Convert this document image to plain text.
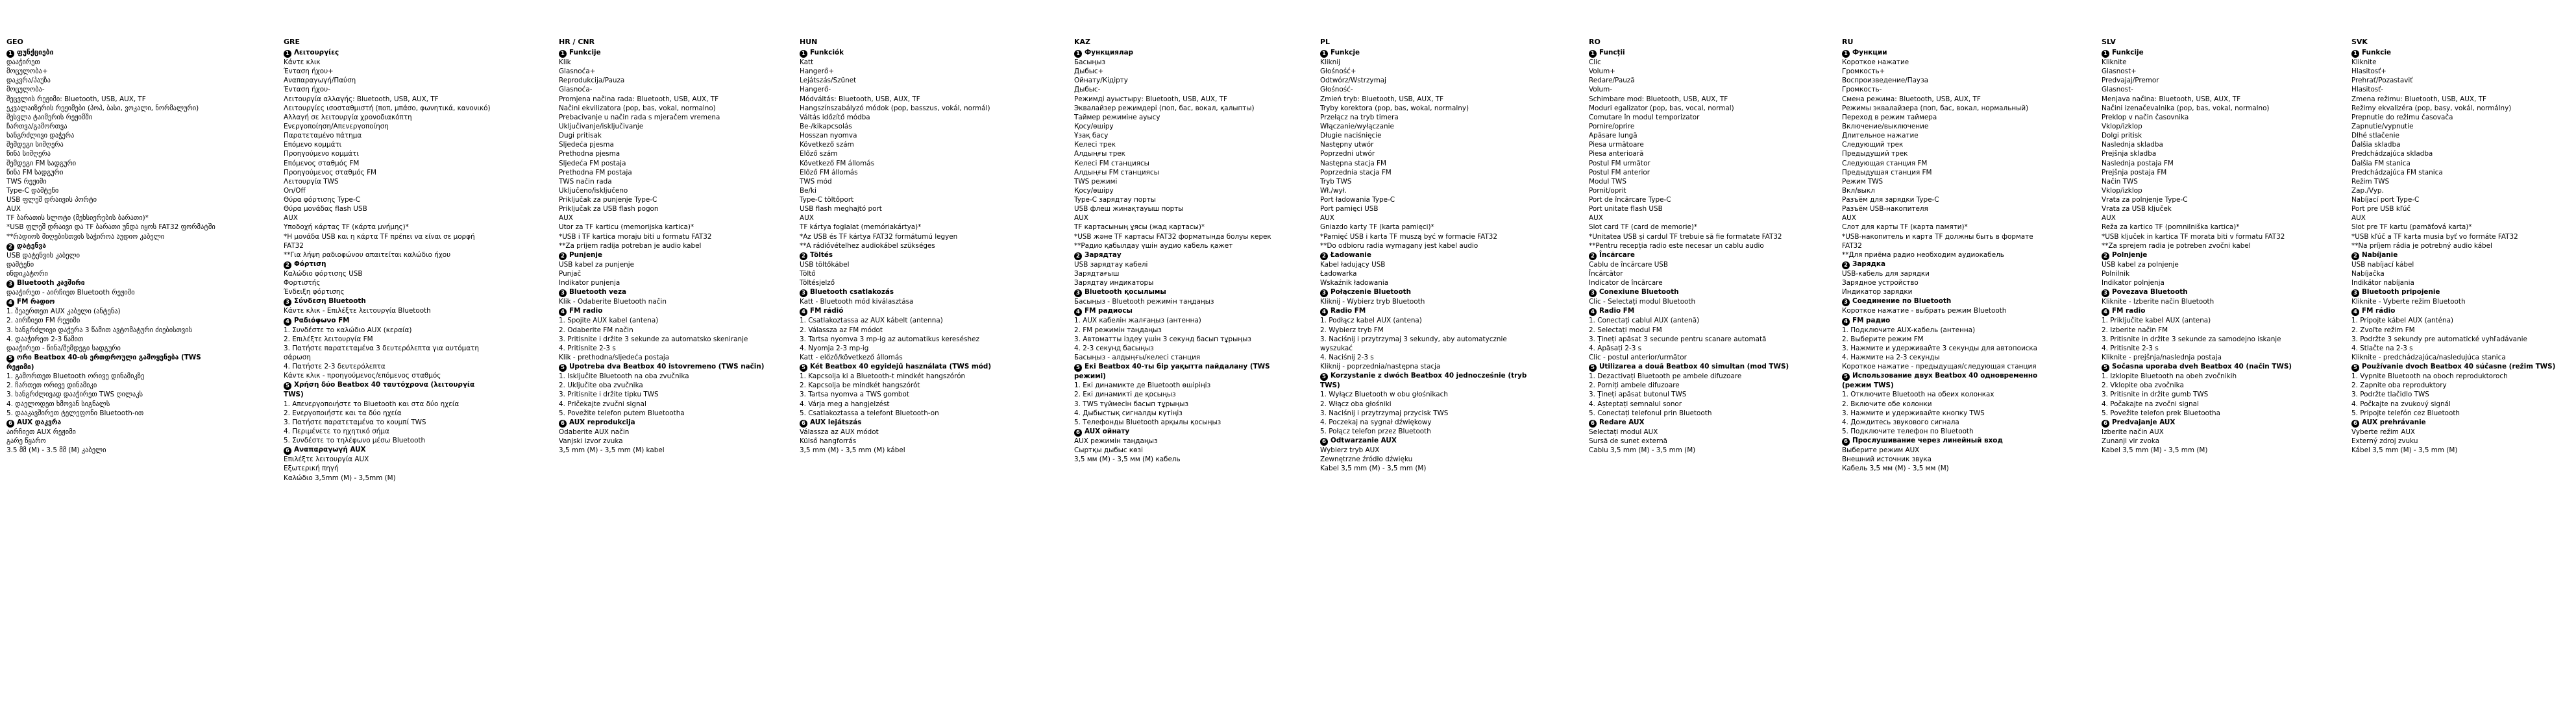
GEO
1 ფუნქციები
დააჭირეთ
მოცულობა+
დაკვრა/პაუზა
მოცულობა-
შეცვლის რეჟიმი: Bluetooth, USB, AUX, TF
ეკვალაიზერის რეჟიმები (პოპ, ბასი, ვოკალი, ნორმალური)
შესვლა ტაიმერის რეჟიმში
ჩართვა/გამორთვა
ხანგრძლივი დაჭერა
შემდეგი სიმღერა
წინა სიმღერა
შემდეგი FM სადგური
წინა FM სადგური
TWS რეჟიმი
Type-C დამტენი
USB ფლეშ დრაივის პორტი
AUX
TF ბარათის სლოტი (მეხსიერების ბარათი)*
*USB ფლეშ დრაივი და TF ბარათი უნდა იყოს FAT32 ფორმატში
**რადიოს მიღებისთვის საჭიროა აუდიო კაბელი
2 დატენვა
USB დატენვის კაბელი
დამტენი
ინდიკატორი
3 Bluetooth კავშირი
დააჭირეთ - აირჩიეთ Bluetooth რეჟიმი
4 FM რადიო
1. შეაერთეთ AUX კაბელი (ანტენა)
2. აირჩიეთ FM რეჟიმი
3. ხანგრძლივი დაჭერა 3 წამით ავტომატური ძიებისთვის
4. დააჭირეთ 2-3 წამით
დააჭირეთ - წინა/შემდეგი სადგური
5 ორი Beatbox 40-ის ერთდროული გამოყენება (TWS რეჟიმი)
1. გამორთეთ Bluetooth ორივე დინამიკზე
2. ჩართეთ ორივე დინამიკი
3. ხანგრძლივად დააჭირეთ TWS ღილაკს
4. დაელოდეთ ხმოვან სიგნალს
5. დააკავშირეთ ტელეფონი Bluetooth-ით
6 AUX დაკვრა
აირჩიეთ AUX რეჟიმი
გარე წყარო
3.5 მმ (M) - 3.5 მმ (M) კაბელი
GRE
1 Λειτουργίες
Κάντε κλικ
Ένταση ήχου+
Αναπαραγωγή/Παύση
Ένταση ήχου-
Λειτουργία αλλαγής: Bluetooth, USB, AUX, TF
Λειτουργίες ισοσταθμιστή (ποπ, μπάσο, φωνητικά, κανονικό)
Αλλαγή σε λειτουργία χρονοδιακόπτη
Ενεργοποίηση/Απενεργοποίηση
Παρατεταμένο πάτημα
Επόμενο κομμάτι
Προηγούμενο κομμάτι
Επόμενος σταθμός FM
Προηγούμενος σταθμός FM
Λειτουργία TWS
On/Off
Θύρα φόρτισης Type-C
Θύρα μονάδας flash USB
AUX
Υποδοχή κάρτας TF (κάρτα μνήμης)*
*Η μονάδα USB και η κάρτα TF πρέπει να είναι σε μορφή FAT32
**Για λήψη ραδιοφώνου απαιτείται καλώδιο ήχου
2 Φόρτιση
Καλώδιο φόρτισης USB
Φορτιστής
Ένδειξη φόρτισης
3 Σύνδεση Bluetooth
Κάντε κλικ - Επιλέξτε λειτουργία Bluetooth
4 Ραδιόφωνο FM
1. Συνδέστε το καλώδιο AUX (κεραία)
2. Επιλέξτε λειτουργία FM
3. Πατήστε παρατεταμένα 3 δευτερόλεπτα για αυτόματη σάρωση
4. Πατήστε 2-3 δευτερόλεπτα
Κάντε κλικ - προηγούμενος/επόμενος σταθμός
5 Χρήση δύο Beatbox 40 ταυτόχρονα (λειτουργία TWS)
1. Απενεργοποιήστε το Bluetooth και στα δύο ηχεία
2. Ενεργοποιήστε και τα δύο ηχεία
3. Πατήστε παρατεταμένα το κουμπί TWS
4. Περιμένετε το ηχητικό σήμα
5. Συνδέστε το τηλέφωνο μέσω Bluetooth
6 Αναπαραγωγή AUX
Επιλέξτε λειτουργία AUX
Εξωτερική πηγή
Καλώδιο 3,5mm (M) - 3,5mm (M)
HR / CNR
1 Funkcije
Klik
Glasnoća+
Reprodukcija/Pauza
Glasnoća-
Promjena načina rada: Bluetooth, USB, AUX, TF
Načini ekvilizatora (pop, bas, vokal, normalno)
Prebacivanje u način rada s mjeračem vremena
Uključivanje/isključivanje
Dugi pritisak
Sljedeća pjesma
Prethodna pjesma
Sljedeća FM postaja
Prethodna FM postaja
TWS način rada
Uključeno/isključeno
Priključak za punjenje Type-C
Priključak za USB flash pogon
AUX
Utor za TF karticu (memorijska kartica)*
*USB i TF kartica moraju biti u formatu FAT32
**Za prijem radija potreban je audio kabel
2 Punjenje
USB kabel za punjenje
Punjač
Indikator punjenja
3 Bluetooth veza
Klik - Odaberite Bluetooth način
4 FM radio
1. Spojite AUX kabel (antena)
2. Odaberite FM način
3. Pritisnite i držite 3 sekunde za automatsko skeniranje
4. Pritisnite 2-3 s
Klik - prethodna/sljedeća postaja
5 Upotreba dva Beatbox 40 istovremeno (TWS način)
1. Isključite Bluetooth na oba zvučnika
2. Uključite oba zvučnika
3. Pritisnite i držite tipku TWS
4. Pričekajte zvučni signal
5. Povežite telefon putem Bluetootha
6 AUX reprodukcija
Odaberite AUX način
Vanjski izvor zvuka
3,5 mm (M) - 3,5 mm (M) kabel
HUN
1 Funkciók
Katt
Hangerő+
Lejátszás/Szünet
Hangerő-
Módváltás: Bluetooth, USB, AUX, TF
Hangszínszabályzó módok (pop, basszus, vokál, normál)
Váltás időzítő módba
Be-/kikapcsolás
Hosszan nyomva
Következő szám
Előző szám
Következő FM állomás
Előző FM állomás
TWS mód
Be/ki
Type-C töltőport
USB flash meghajtó port
AUX
TF kártya foglalat (memóriakártya)*
*Az USB és TF kártya FAT32 formátumú legyen
**A rádióvételhez audiokábel szükséges
2 Töltés
USB töltőkábel
Töltő
Töltésjelző
3 Bluetooth csatlakozás
Katt - Bluetooth mód kiválasztása
4 FM rádió
1. Csatlakoztassa az AUX kábelt (antenna)
2. Válassza az FM módot
3. Tartsa nyomva 3 mp-ig az automatikus kereséshez
4. Nyomja 2-3 mp-ig
Katt - előző/következő állomás
5 Két Beatbox 40 egyidejű használata (TWS mód)
1. Kapcsolja ki a Bluetooth-t mindkét hangszórón
2. Kapcsolja be mindkét hangszórót
3. Tartsa nyomva a TWS gombot
4. Várja meg a hangjelzést
5. Csatlakoztassa a telefont Bluetooth-on
6 AUX lejátszás
Válassza az AUX módot
Külső hangforrás
3,5 mm (M) - 3,5 mm (M) kábel
KAZ
1 Функциялар
Басыңыз
Дыбыс+
Ойнату/Кідірту
Дыбыс-
Режимді ауыстыру: Bluetooth, USB, AUX, TF
Эквалайзер режимдері (поп, бас, вокал, қалыпты)
Таймер режиміне ауысу
Қосу/өшіру
Ұзақ басу
Келесі трек
Алдыңғы трек
Келесі FM станциясы
Алдыңғы FM станциясы
TWS режимі
Қосу/өшіру
Type-C зарядтау порты
USB флеш жинақтауыш порты
AUX
TF картасының ұясы (жад картасы)*
*USB және TF картасы FAT32 форматында болуы керек
**Радио қабылдау үшін аудио кабель қажет
2 Зарядтау
USB зарядтау кабелі
Зарядтағыш
Зарядтау индикаторы
3 Bluetooth қосылымы
Басыңыз - Bluetooth режимін таңдаңыз
4 FM радиосы
1. AUX кабелін жалғаңыз (антенна)
2. FM режимін таңдаңыз
3. Автоматты іздеу үшін 3 секунд басып тұрыңыз
4. 2-3 секунд басыңыз
Басыңыз - алдыңғы/келесі станция
5 Екі Beatbox 40-ты бір уақытта пайдалану (TWS режимі)
1. Екі динамикте де Bluetooth өшіріңіз
2. Екі динамикті де қосыңыз
3. TWS түймесін басып тұрыңыз
4. Дыбыстық сигналды күтіңіз
5. Телефонды Bluetooth арқылы қосыңыз
6 AUX ойнату
AUX режимін таңдаңыз
Сыртқы дыбыс көзі
3,5 мм (M) - 3,5 мм (M) кабель
PL
1 Funkcje
Kliknij
Głośność+
Odtwórz/Wstrzymaj
Głośność-
Zmień tryb: Bluetooth, USB, AUX, TF
Tryby korektora (pop, bas, wokal, normalny)
Przełącz na tryb timera
Włączanie/wyłączanie
Długie naciśnięcie
Następny utwór
Poprzedni utwór
Następna stacja FM
Poprzednia stacja FM
Tryb TWS
Wł./wył.
Port ładowania Type-C
Port pamięci USB
AUX
Gniazdo karty TF (karta pamięci)*
*Pamięć USB i karta TF muszą być w formacie FAT32
**Do odbioru radia wymagany jest kabel audio
2 Ładowanie
Kabel ładujący USB
Ładowarka
Wskaźnik ładowania
3 Połączenie Bluetooth
Kliknij - Wybierz tryb Bluetooth
4 Radio FM
1. Podłącz kabel AUX (antena)
2. Wybierz tryb FM
3. Naciśnij i przytrzymaj 3 sekundy, aby automatycznie wyszukać
4. Naciśnij 2-3 s
Kliknij - poprzednia/następna stacja
5 Korzystanie z dwóch Beatbox 40 jednocześnie (tryb TWS)
1. Wyłącz Bluetooth w obu głośnikach
2. Włącz oba głośniki
3. Naciśnij i przytrzymaj przycisk TWS
4. Poczekaj na sygnał dźwiękowy
5. Połącz telefon przez Bluetooth
6 Odtwarzanie AUX
Wybierz tryb AUX
Zewnętrzne źródło dźwięku
Kabel 3,5 mm (M) - 3,5 mm (M)
RO
1 Funcții
Clic
Volum+
Redare/Pauză
Volum-
Schimbare mod: Bluetooth, USB, AUX, TF
Moduri egalizator (pop, bas, vocal, normal)
Comutare în modul temporizator
Pornire/oprire
Apăsare lungă
Piesa următoare
Piesa anterioară
Postul FM următor
Postul FM anterior
Modul TWS
Pornit/oprit
Port de încărcare Type-C
Port unitate flash USB
AUX
Slot card TF (card de memorie)*
*Unitatea USB și cardul TF trebuie să fie formatate FAT32
**Pentru recepția radio este necesar un cablu audio
2 Încărcare
Cablu de încărcare USB
Încărcător
Indicator de încărcare
3 Conexiune Bluetooth
Clic - Selectați modul Bluetooth
4 Radio FM
1. Conectați cablul AUX (antenă)
2. Selectați modul FM
3. Țineți apăsat 3 secunde pentru scanare automată
4. Apăsați 2-3 s
Clic - postul anterior/următor
5 Utilizarea a două Beatbox 40 simultan (mod TWS)
1. Dezactivați Bluetooth pe ambele difuzoare
2. Porniți ambele difuzoare
3. Țineți apăsat butonul TWS
4. Așteptați semnalul sonor
5. Conectați telefonul prin Bluetooth
6 Redare AUX
Selectați modul AUX
Sursă de sunet externă
Cablu 3,5 mm (M) - 3,5 mm (M)
RU
1 Функции
Короткое нажатие
Громкость+
Воспроизведение/Пауза
Громкость-
Смена режима: Bluetooth, USB, AUX, TF
Режимы эквалайзера (поп, бас, вокал, нормальный)
Переход в режим таймера
Включение/выключение
Длительное нажатие
Следующий трек
Предыдущий трек
Следующая станция FM
Предыдущая станция FM
Режим TWS
Вкл/выкл
Разъём для зарядки Type-C
Разъём USB-накопителя
AUX
Слот для карты TF (карта памяти)*
*USB-накопитель и карта TF должны быть в формате FAT32
**Для приёма радио необходим аудиокабель
2 Зарядка
USB-кабель для зарядки
Зарядное устройство
Индикатор зарядки
3 Соединение по Bluetooth
Короткое нажатие - выбрать режим Bluetooth
4 FM радио
1. Подключите AUX-кабель (антенна)
2. Выберите режим FM
3. Нажмите и удерживайте 3 секунды для автопоиска
4. Нажмите на 2-3 секунды
Короткое нажатие - предыдущая/следующая станция
5 Использование двух Beatbox 40 одновременно (режим TWS)
1. Отключите Bluetooth на обеих колонках
2. Включите обе колонки
3. Нажмите и удерживайте кнопку TWS
4. Дождитесь звукового сигнала
5. Подключите телефон по Bluetooth
6 Прослушивание через линейный вход
Выберите режим AUX
Внешний источник звука
Кабель 3,5 мм (M) - 3,5 мм (M)
SLV
1 Funkcije
Kliknite
Glasnost+
Predvajaj/Premor
Glasnost-
Menjava načina: Bluetooth, USB, AUX, TF
Načini izenačevalnika (pop, bas, vokal, normalno)
Preklop v način časovnika
Vklop/izklop
Dolgi pritisk
Naslednja skladba
Prejšnja skladba
Naslednja postaja FM
Prejšnja postaja FM
Način TWS
Vklop/izklop
Vrata za polnjenje Type-C
Vrata za USB ključek
AUX
Reža za kartico TF (pomnilniška kartica)*
*USB ključek in kartica TF morata biti v formatu FAT32
**Za sprejem radia je potreben zvočni kabel
2 Polnjenje
USB kabel za polnjenje
Polnilnik
Indikator polnjenja
3 Povezava Bluetooth
Kliknite - Izberite način Bluetooth
4 FM radio
1. Priključite kabel AUX (antena)
2. Izberite način FM
3. Pritisnite in držite 3 sekunde za samodejno iskanje
4. Pritisnite 2-3 s
Kliknite - prejšnja/naslednja postaja
5 Sočasna uporaba dveh Beatbox 40 (način TWS)
1. Izklopite Bluetooth na obeh zvočnikih
2. Vklopite oba zvočnika
3. Pritisnite in držite gumb TWS
4. Počakajte na zvočni signal
5. Povežite telefon prek Bluetootha
6 Predvajanje AUX
Izberite način AUX
Zunanji vir zvoka
Kabel 3,5 mm (M) - 3,5 mm (M)
SVK
1 Funkcie
Kliknite
Hlasitosť+
Prehrať/Pozastaviť
Hlasitosť-
Zmena režimu: Bluetooth, USB, AUX, TF
Režimy ekvalizéra (pop, basy, vokál, normálny)
Prepnutie do režimu časovača
Zapnutie/vypnutie
Dlhé stlačenie
Ďalšia skladba
Predchádzajúca skladba
Ďalšia FM stanica
Predchádzajúca FM stanica
Režim TWS
Zap./Vyp.
Nabíjací port Type-C
Port pre USB kľúč
AUX
Slot pre TF kartu (pamäťová karta)*
*USB kľúč a TF karta musia byť vo formáte FAT32
**Na príjem rádia je potrebný audio kábel
2 Nabíjanie
USB nabíjací kábel
Nabíjačka
Indikátor nabíjania
3 Bluetooth pripojenie
Kliknite - Vyberte režim Bluetooth
4 FM rádio
1. Pripojte kábel AUX (anténa)
2. Zvoľte režim FM
3. Podržte 3 sekundy pre automatické vyhľadávanie
4. Stlačte na 2-3 s
Kliknite - predchádzajúca/nasledujúca stanica
5 Používanie dvoch Beatbox 40 súčasne (režim TWS)
1. Vypnite Bluetooth na oboch reproduktoroch
2. Zapnite oba reproduktory
3. Podržte tlačidlo TWS
4. Počkajte na zvukový signál
5. Pripojte telefón cez Bluetooth
6 AUX prehrávanie
Vyberte režim AUX
Externý zdroj zvuku
Kábel 3,5 mm (M) - 3,5 mm (M)
